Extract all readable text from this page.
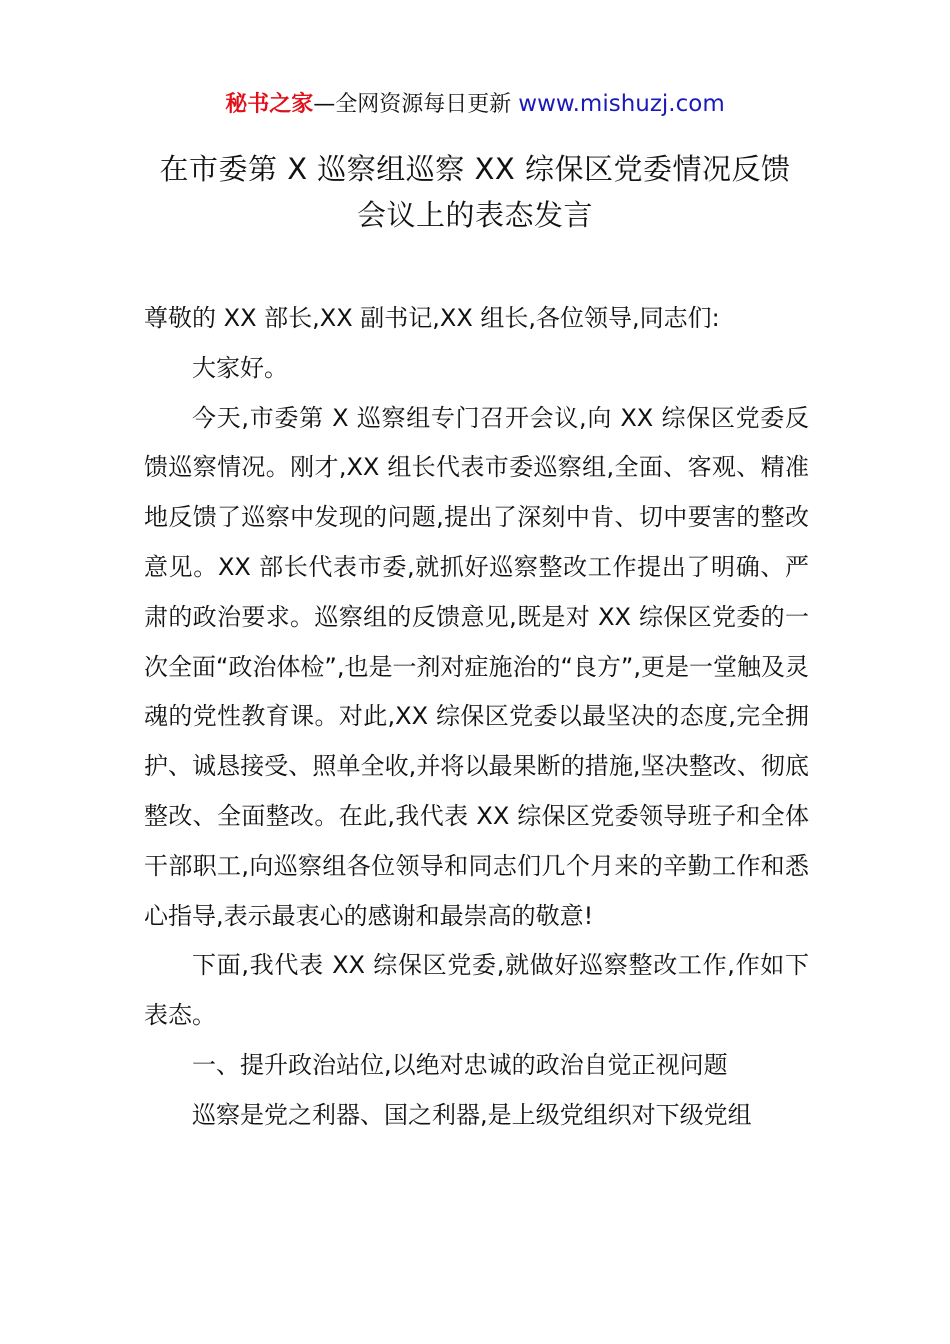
秘书之家—全网资源每日更新 www.mishuzj.com
在市委第 X 巡察组巡察 XX 综保区党委情况反馈
会议上的表态发言

尊敬的 XX 部长,XX 副书记,XX 组长,各位领导,同志们:

大家好。

今天,市委第 X 巡察组专门召开会议,向 XX 综保区党委反馈巡察情况。刚才,XX 组长代表市委巡察组,全面、客观、精准地反馈了巡察中发现的问题,提出了深刻中肯、切中要害的整改意见。XX 部长代表市委,就抓好巡察整改工作提出了明确、严肃的政治要求。巡察组的反馈意见,既是对 XX 综保区党委的一次全面“政治体检”,也是一剂对症施治的“良方”,更是一堂触及灵魂的党性教育课。对此,XX 综保区党委以最坚决的态度,完全拥护、诚恳接受、照单全收,并将以最果断的措施,坚决整改、彻底整改、全面整改。在此,我代表 XX 综保区党委领导班子和全体干部职工,向巡察组各位领导和同志们几个月来的辛勤工作和悉心指导,表示最衷心的感谢和最崇高的敬意!

下面,我代表 XX 综保区党委,就做好巡察整改工作,作如下表态。

一、提升政治站位,以绝对忠诚的政治自觉正视问题

巡察是党之利器、国之利器,是上级党组织对下级党组
